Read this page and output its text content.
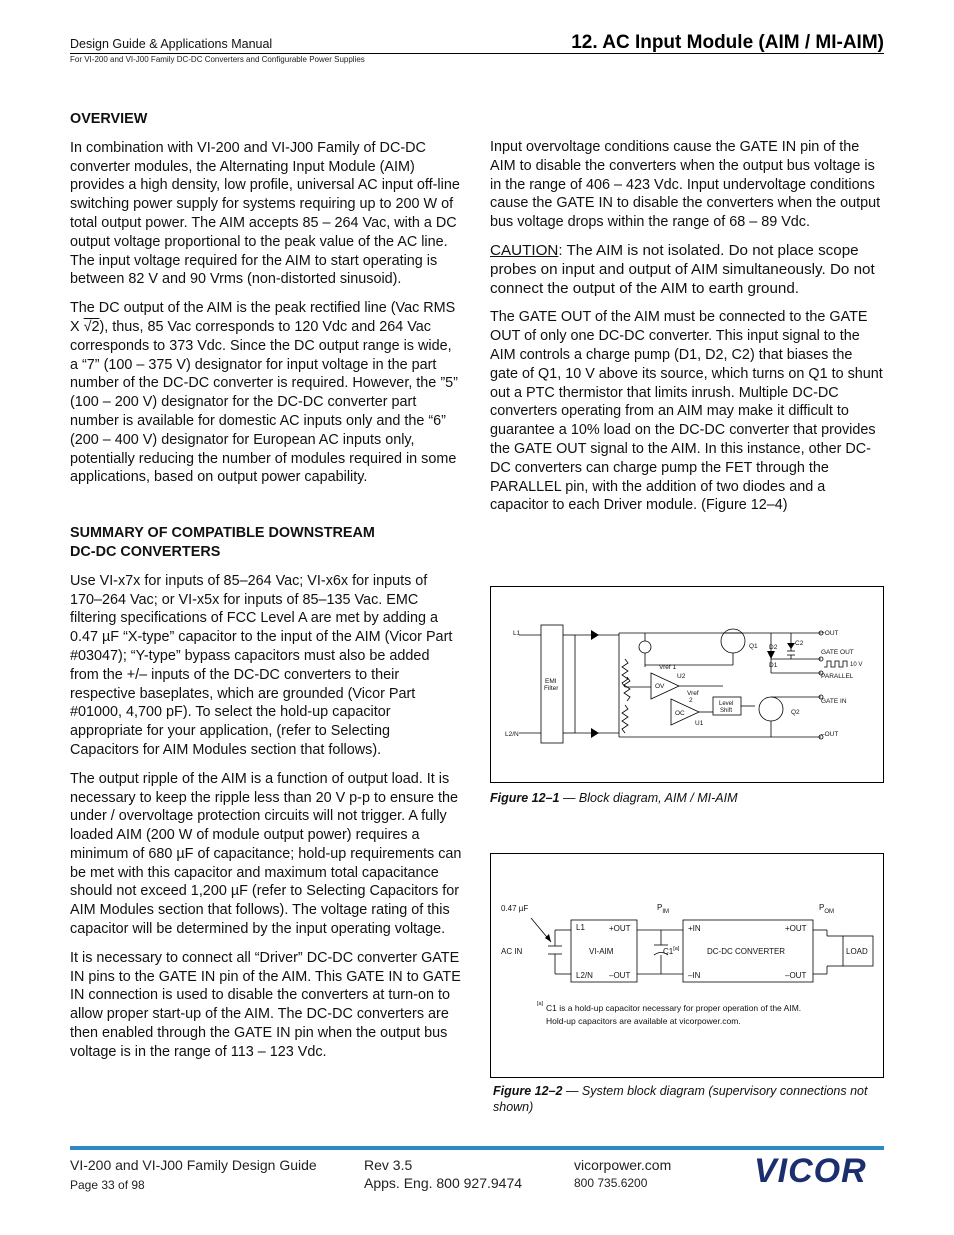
Design Guide & Applications Manual
For VI-200 and VI-J00 Family DC-DC Converters and Configurable Power Supplies
12. AC Input Module (AIM / MI-AIM)
OVERVIEW

In combination with VI-200 and VI-J00 Family of DC-DC converter modules, the Alternating Input Module (AIM) provides a high density, low profile, universal AC input off-line switching power supply for systems requiring up to 200 W of total output power. The AIM accepts 85 – 264 Vac, with a DC output voltage proportional to the peak value of the AC line. The input voltage required for the AIM to start operating is between 82 V and 90 Vrms (non-distorted sinusoid).

The DC output of the AIM is the peak rectified line (Vac RMS X √2), thus, 85 Vac corresponds to 120 Vdc and 264 Vac corresponds to 373 Vdc. Since the DC output range is wide, a “7” (100 – 375 V) designator for input voltage in the part number of the DC-DC converter is required. However, the ”5” (100 – 200 V) designator for the DC-DC converter part number is available for domestic AC inputs only and the “6” (200 – 400 V) designator for European AC inputs only, potentially reducing the number of modules required in some applications, based on output power capability.

SUMMARY OF COMPATIBLE DOWNSTREAM
DC-DC CONVERTERS

Use VI-x7x for inputs of 85–264 Vac; VI-x6x for inputs of 170–264 Vac; or VI-x5x for inputs of 85–135 Vac. EMC filtering specifications of FCC Level A are met by adding a 0.47 µF “X-type” capacitor to the input of the AIM (Vicor Part #03047); “Y-type” bypass capacitors must also be added from the +/– inputs of the DC-DC converters to their respective baseplates, which are grounded (Vicor Part #01000, 4,700 pF). To select the hold-up capacitor appropriate for your application, (refer to Selecting Capacitors for AIM Modules section that follows).

The output ripple of the AIM is a function of output load. It is necessary to keep the ripple less than 20 V p-p to ensure the under / overvoltage protection circuits will not trigger. A fully loaded AIM (200 W of module output power) requires a minimum of 680 µF of capacitance; hold-up requirements can be met with this capacitor and maximum total capacitance should not exceed 1,200 µF (refer to Selecting Capacitors for AIM Modules section that follows). The voltage rating of this capacitor will be determined by the input operating voltage.

It is necessary to connect all “Driver” DC-DC converter GATE IN pins to the GATE IN pin of the AIM. This GATE IN to GATE IN connection is used to disable the converters at turn-on to allow proper start-up of the AIM. The DC-DC converters are then enabled through the GATE IN pin when the output bus voltage is in the range of 113 – 123 Vdc.

Input overvoltage conditions cause the GATE IN pin of the AIM to disable the converters when the output bus voltage is in the range of 406 – 423 Vdc. Input undervoltage conditions cause the GATE IN to disable the converters when the output bus voltage drops within the range of 68 – 89 Vdc.

CAUTION: The AIM is not isolated. Do not place scope probes on input and output of AIM simultaneously. Do not connect the output of the AIM to earth ground.

The GATE OUT of the AIM must be connected to the GATE OUT of only one DC-DC converter. This input signal to the AIM controls a charge pump (D1, D2, C2) that biases the gate of Q1, 10 V above its source, which turns on Q1 to shunt out a PTC thermistor that limits inrush. Multiple DC-DC converters operating from an AIM may make it difficult to guarantee a 10% load on the DC-DC converter that provides the GATE OUT signal to the AIM. In this instance, other DC-DC converters can charge pump the FET through the PARALLEL pin, with the addition of two diodes and a capacitor to each Driver module. (Figure 12–4)

L1
L2/N
EMI
Filter
Vref 1
OV
U2
Vref
2
OC
U1
Level
Shift
Q1
Q2
D2
D1
C2
+OUT
GATE OUT
10 V
PARALLEL
GATE IN
–OUT
Figure 12–1 — Block diagram, AIM / MI-AIM
0.47 µF
AC IN
$P_{IM}$	$P_{OM}$
L1	+OUT
VI-AIM
L2/N –OUT
C1[a]
+IN	+OUT
DC-DC CONVERTER
–IN	–OUT
LOAD
[a] C1 is a hold-up capacitor necessary for proper operation of the AIM.
Hold-up capacitors are available at vicorpower.com.
Figure 12–2 — System block diagram (supervisory connections not shown)
VI-200 and VI-J00 Family Design Guide
Page 33 of 98
Rev 3.5
Apps. Eng. 800 927.9474
vicorpower.com
800 735.6200	VICOR
